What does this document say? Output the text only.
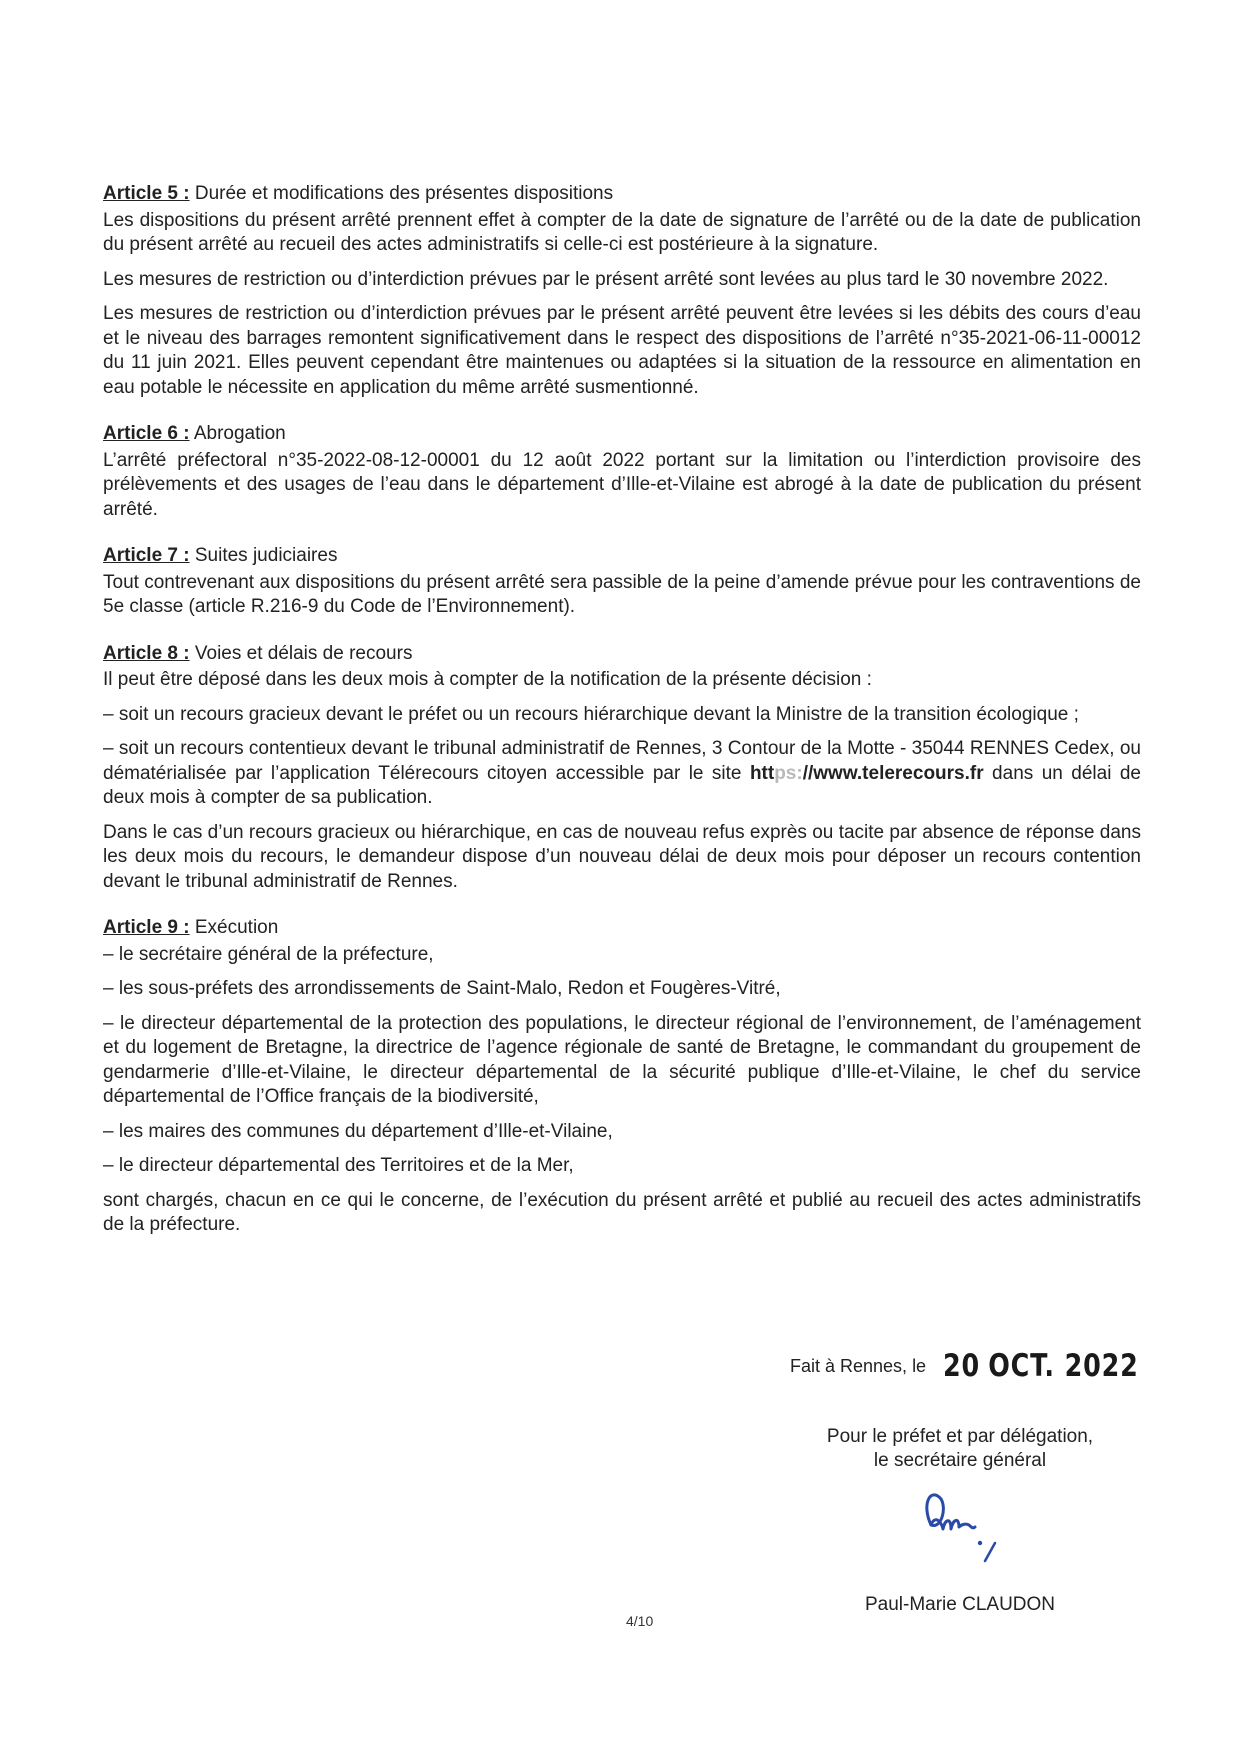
Article 5 : Durée et modifications des présentes dispositions

Les dispositions du présent arrêté prennent effet à compter de la date de signature de l’arrêté ou de la date de publication du présent arrêté au recueil des actes administratifs si celle-ci est postérieure à la signature.

Les mesures de restriction ou d’interdiction prévues par le présent arrêté sont levées au plus tard le 30 novembre 2022.

Les mesures de restriction ou d’interdiction prévues par le présent arrêté peuvent être levées si les débits des cours d’eau et le niveau des barrages remontent significativement dans le respect des dispositions de l’arrêté n°35-2021-06-11-00012 du 11 juin 2021. Elles peuvent cependant être maintenues ou adaptées si la situation de la ressource en alimentation en eau potable le nécessite en application du même arrêté susmentionné.

Article 6 : Abrogation

L’arrêté préfectoral n°35-2022-08-12-00001 du 12 août 2022 portant sur la limitation ou l’interdiction provisoire des prélèvements et des usages de l’eau dans le département d’Ille-et-Vilaine est abrogé à la date de publication du présent arrêté.

Article 7 : Suites judiciaires

Tout contrevenant aux dispositions du présent arrêté sera passible de la peine d’amende prévue pour les contraventions de 5e classe (article R.216-9 du Code de l’Environnement).

Article 8 : Voies et délais de recours

Il peut être déposé dans les deux mois à compter de la notification de la présente décision :

– soit un recours gracieux devant le préfet ou un recours hiérarchique devant la Ministre de la transition écologique ;

– soit un recours contentieux devant le tribunal administratif de Rennes, 3 Contour de la Motte - 35044 RENNES Cedex, ou dématérialisée par l’application Télérecours citoyen accessible par le site https://www.telerecours.fr dans un délai de deux mois à compter de sa publication.

Dans le cas d’un recours gracieux ou hiérarchique, en cas de nouveau refus exprès ou tacite par absence de réponse dans les deux mois du recours, le demandeur dispose d’un nouveau délai de deux mois pour déposer un recours contention devant le tribunal administratif de Rennes.

Article 9 : Exécution

– le secrétaire général de la préfecture,

– les sous-préfets des arrondissements de Saint-Malo, Redon et Fougères-Vitré,

– le directeur départemental de la protection des populations, le directeur régional de l’environnement, de l’aménagement et du logement de Bretagne, la directrice de l’agence régionale de santé de Bretagne, le commandant du groupement de gendarmerie d’Ille-et-Vilaine, le directeur départemental de la sécurité publique d’Ille-et-Vilaine, le chef du service départemental de l’Office français de la biodiversité,

– les maires des communes du département d’Ille-et-Vilaine,

– le directeur départemental des Territoires et de la Mer,

sont chargés, chacun en ce qui le concerne, de l’exécution du présent arrêté et publié au recueil des actes administratifs de la préfecture.

Fait à Rennes, le 20 OCT. 2022
Pour le préfet et par délégation,
le secrétaire général
Paul-Marie CLAUDON
4/10
